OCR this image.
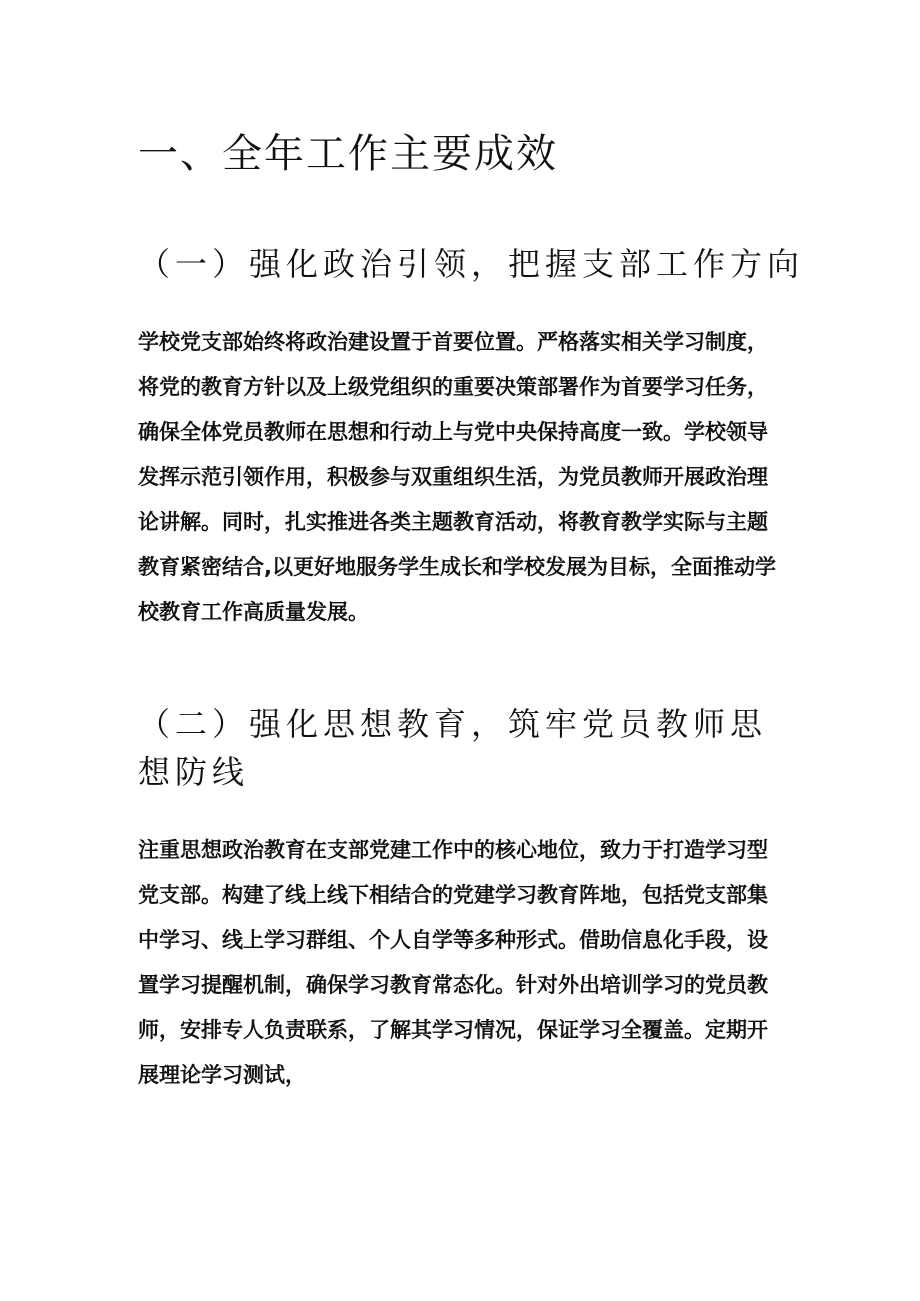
一、全年工作主要成效
（一）强化政治引领，把握支部工作方向

学校党支部始终将政治建设置于首要位置。严格落实相关学习制度，
将党的教育方针以及上级党组织的重要决策部署作为首要学习任务，
确保全体党员教师在思想和行动上与党中央保持高度一致。学校领导
发挥示范引领作用，积极参与双重组织生活，为党员教师开展政治理
论讲解。同时，扎实推进各类主题教育活动，将教育教学实际与主题
教育紧密结合,以更好地服务学生成长和学校发展为目标，全面推动学
校教育工作高质量发展。

（二）强化思想教育，筑牢党员教师思想防线

注重思想政治教育在支部党建工作中的核心地位，致力于打造学习型
党支部。构建了线上线下相结合的党建学习教育阵地，包括党支部集
中学习、线上学习群组、个人自学等多种形式。借助信息化手段，设
置学习提醒机制，确保学习教育常态化。针对外出培训学习的党员教
师，安排专人负责联系，了解其学习情况，保证学习全覆盖。定期开
展理论学习测试，
